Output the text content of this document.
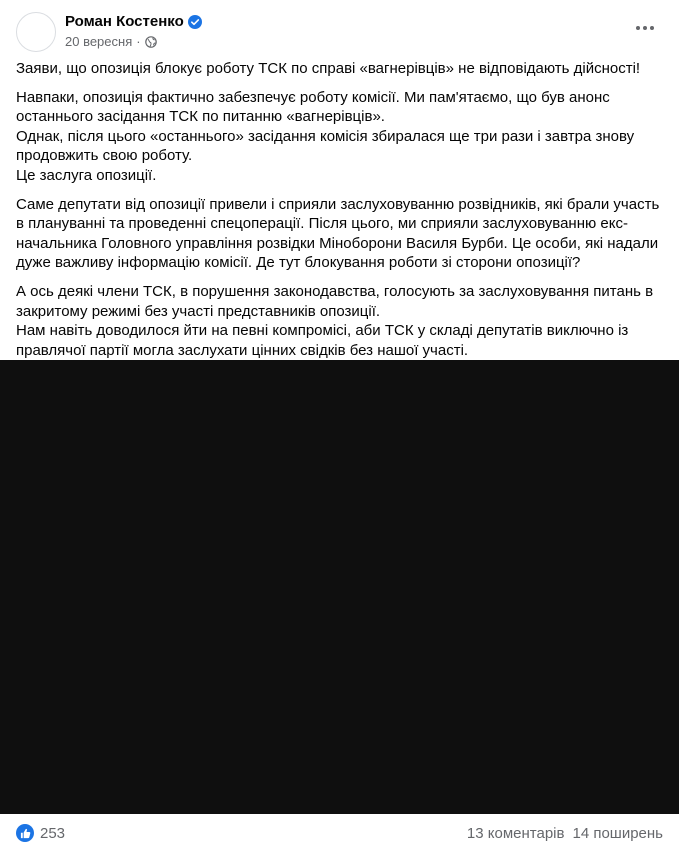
Роман Костенко
20 вересня ·

Заяви, що опозиція блокує роботу ТСК по справі «вагнерівців» не відповідають дійсності!

Навпаки, опозиція фактично забезпечує роботу комісії. Ми пам'ятаємо, що був анонс останнього засідання ТСК по питанню «вагнерівців».
Однак, після цього «останнього» засідання комісія збиралася ще три рази і завтра знову продовжить свою роботу.
Це заслуга опозиції.

Саме депутати від опозиції привели і сприяли заслуховуванню розвідників, які брали участь в плануванні та проведенні спецоперації. Після цього, ми сприяли заслуховуванню екс-начальника Головного управління розвідки Міноборони Василя Бурби. Це особи, які надали дуже важливу інформацію комісії. Де тут блокування роботи зі сторони опозиції?

А ось деякі члени ТСК, в порушення законодавства, голосують за заслуховування питань в закритому режимі без участі представників опозиції.
Нам навіть доводилося йти на певні компромісі, аби ТСК у складі депутатів виключно із правлячої партії могла заслухати цінних свідків без нашої участі.

253	13 коментарів 14 поширень
